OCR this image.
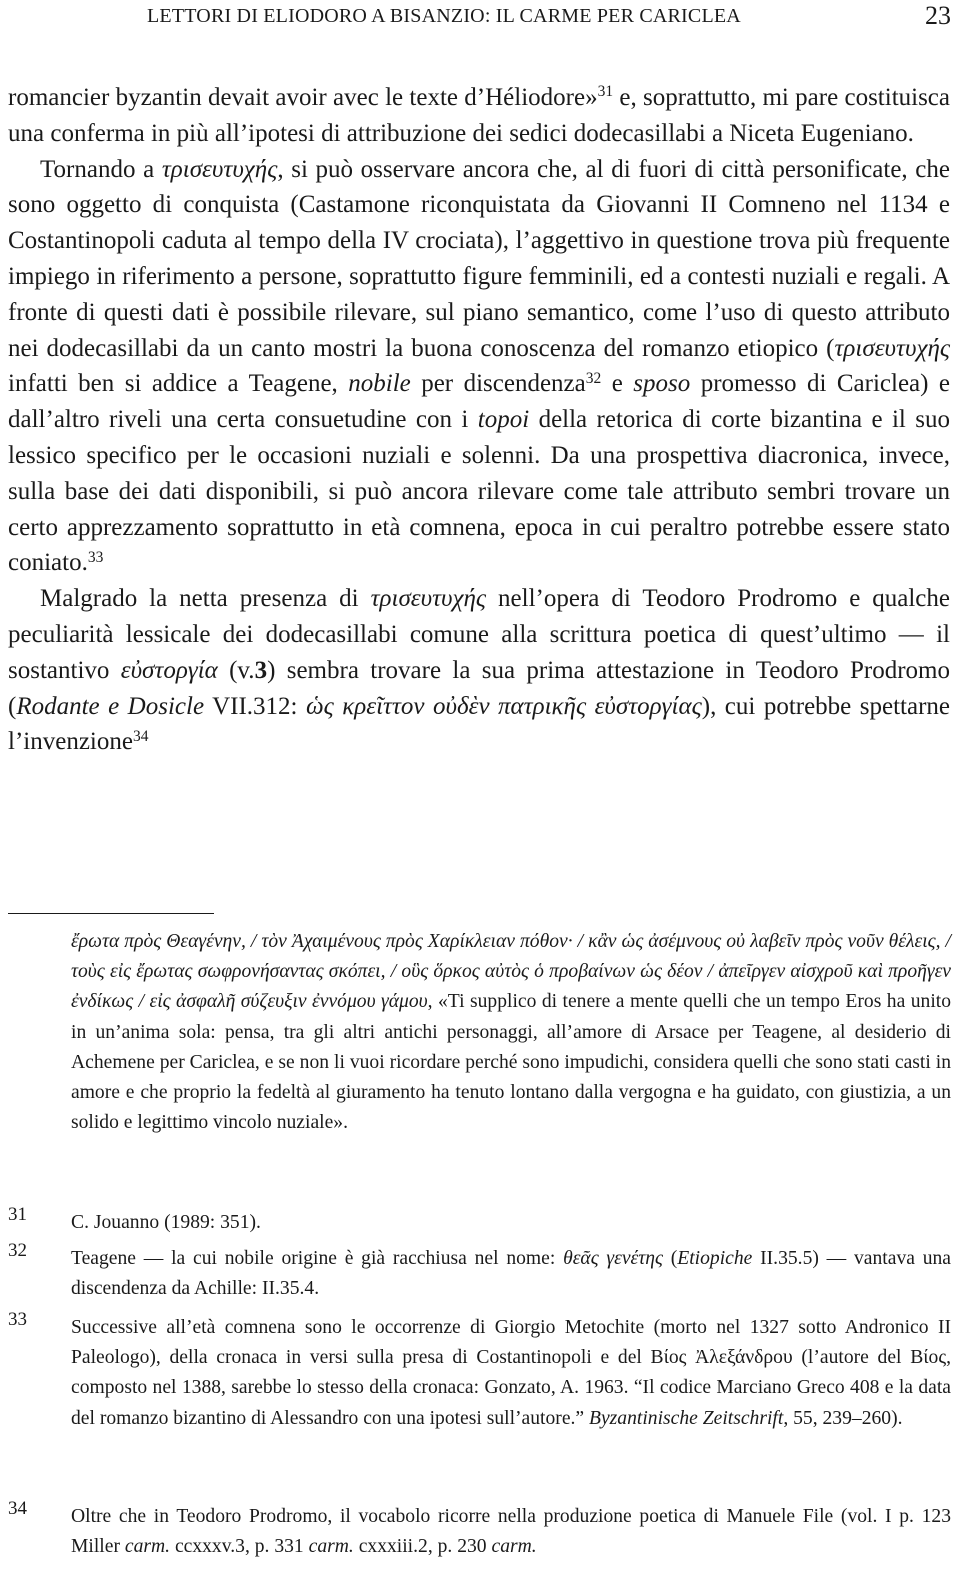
LETTORI DI ELIODORO A BISANZIO: IL CARME PER CARICLEA	23

romancier byzantin devait avoir avec le texte d’Héliodore»$^{31}$ e, soprattutto, mi pare costituisca una conferma in più all’ipotesi di attribuzione dei sedici dodecasillabi a Niceta Eugeniano.

Tornando a τρισευτυχής, si può osservare ancora che, al di fuori di città personificate, che sono oggetto di conquista (Castamone riconquistata da Giovanni II Comneno nel 1134 e Costantinopoli caduta al tempo della IV crociata), l’aggettivo in questione trova più frequente impiego in riferimento a persone, soprattutto figure femminili, ed a contesti nuziali e regali. A fronte di questi dati è possibile rilevare, sul piano semantico, come l’uso di questo attributo nei dodecasillabi da un canto mostri la buona conoscenza del romanzo etiopico (τρισευτυχής infatti ben si addice a Teagene, nobile per discendenza$^{32}$ e sposo promesso di Cariclea) e dall’altro riveli una certa consuetudine con i topoi della retorica di corte bizantina e il suo lessico specifico per le occasioni nuziali e solenni. Da una prospettiva diacronica, invece, sulla base dei dati disponibili, si può ancora rilevare come tale attributo sembri trovare un certo apprezzamento soprattutto in età comnena, epoca in cui peraltro potrebbe essere stato coniato.$^{33}$

Malgrado la netta presenza di τρισευτυχής nell’opera di Teodoro Prodromo e qualche peculiarità lessicale dei dodecasillabi comune alla scrittura poetica di quest’ultimo — il sostantivo εὐστοργία (v.3) sembra trovare la sua prima attestazione in Teodoro Prodromo (Rodante e Dosicle VII.312: ὡς κρεῖττον οὐδὲν πατρικῆς εὐστοργίας), cui potrebbe spettarne l’invenzione$^{34}$

ἔρωτα πρὸς Θεαγένην, / τὸν Ἀχαιμένους πρὸς Χαρίκλειαν πόθον· / κἂν ὡς ἀσέμνους οὐ λαβεῖν πρὸς νοῦν θέλεις, / τοὺς εἰς ἔρωτας σωφρονήσαντας σκόπει, / οὓς ὅρκος αὐτὸς ὁ προβαίνων ὡς δέον / ἀπεῖργεν αἰσχροῦ καὶ προῆγεν ἐνδίκως / εἰς ἀσφαλῆ σύζευξιν ἐννόμου γάμου, «Ti supplico di tenere a mente quelli che un tempo Eros ha unito in un’anima sola: pensa, tra gli altri antichi personaggi, all’amore di Arsace per Teagene, al desiderio di Achemene per Cariclea, e se non li vuoi ricordare perché sono impudichi, considera quelli che sono stati casti in amore e che proprio la fedeltà al giuramento ha tenuto lontano dalla vergogna e ha guidato, con giustizia, a un solido e legittimo vincolo nuziale».
31 C. Jouanno (1989: 351).
32 Teagene — la cui nobile origine è già racchiusa nel nome: θεᾶς γενέτης (Etiopiche II.35.5) — vantava una discendenza da Achille: II.35.4.
33 Successive all’età comnena sono le occorrenze di Giorgio Metochite (morto nel 1327 sotto Andronico II Paleologo), della cronaca in versi sulla presa di Costantinopoli e del Βίος Ἀλεξάνδρου (l’autore del Βίος, composto nel 1388, sarebbe lo stesso della cronaca: Gonzato, A. 1963. “Il codice Marciano Greco 408 e la data del romanzo bizantino di Alessandro con una ipotesi sull’autore.” Byzantinische Zeitschrift, 55, 239–260).
34 Oltre che in Teodoro Prodromo, il vocabolo ricorre nella produzione poetica di Manuele File (vol. I p. 123 Miller carm. ccxxxv.3, p. 331 carm. cxxxiii.2, p. 230 carm.
